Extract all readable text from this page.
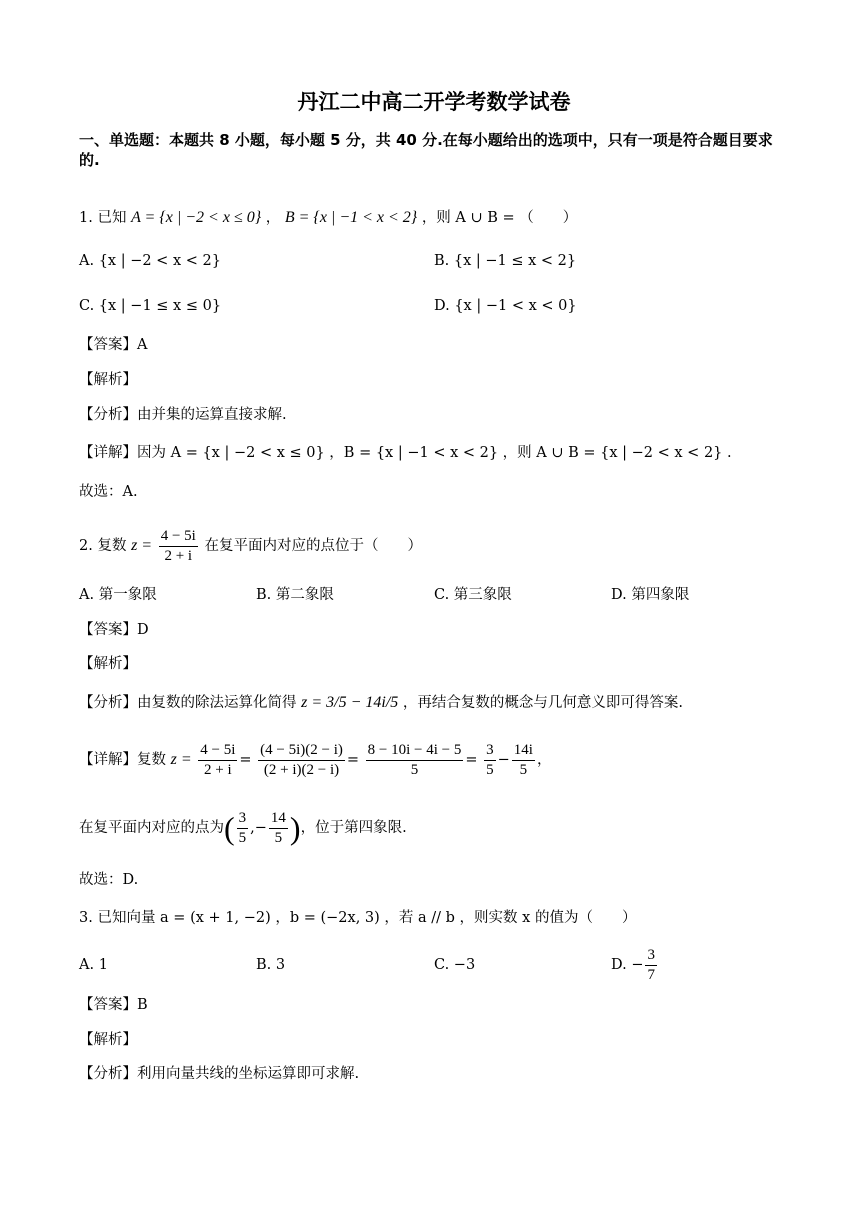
丹江二中高二开学考数学试卷
一、单选题：本题共 8 小题，每小题 5 分，共 40 分.在每小题给出的选项中，只有一项是符合题目要求的.
1. 已知 A = {x | −2 < x ≤ 0} ， B = {x | −1 < x < 2} ，则 A ∪ B = （　　）
A. {x | −2 < x < 2}	B. {x | −1 ≤ x < 2}
C. {x | −1 ≤ x ≤ 0}	D. {x | −1 < x < 0}
【答案】A
【解析】
【分析】由并集的运算直接求解.
【详解】因为 A = {x | −2 < x ≤ 0} ，B = {x | −1 < x < 2} ，则 A ∪ B = {x | −2 < x < 2} .
故选：A.
2. 复数 $z = \frac{4 - 5i}{2 + i}$ 在复平面内对应的点位于（　　）
A. 第一象限	B. 第二象限	C. 第三象限	D. 第四象限
【答案】D
【解析】
【分析】由复数的除法运算化简得 z = 3/5 − 14i/5 ，再结合复数的概念与几何意义即可得答案.
【详解】复数 $z = \frac{4 - 5i}{2 + i} = \frac{(4 - 5i)(2 - i)}{(2 + i)(2 - i)} = \frac{8 - 10i - 4i - 5}{5} = \frac{3}{5} - \frac{14i}{5}$ ，
在复平面内对应的点为( $\frac{3}{5}$ ,− $\frac{14}{5}$ )，位于第四象限.
故选：D.
3. 已知向量 a = (x + 1, −2) ，b = (−2x, 3) ，若 a // b ，则实数 x 的值为（　　）
A. 1	B. 3	C. −3	D. − $\frac{3}{7}$
【答案】B
【解析】
【分析】利用向量共线的坐标运算即可求解.
